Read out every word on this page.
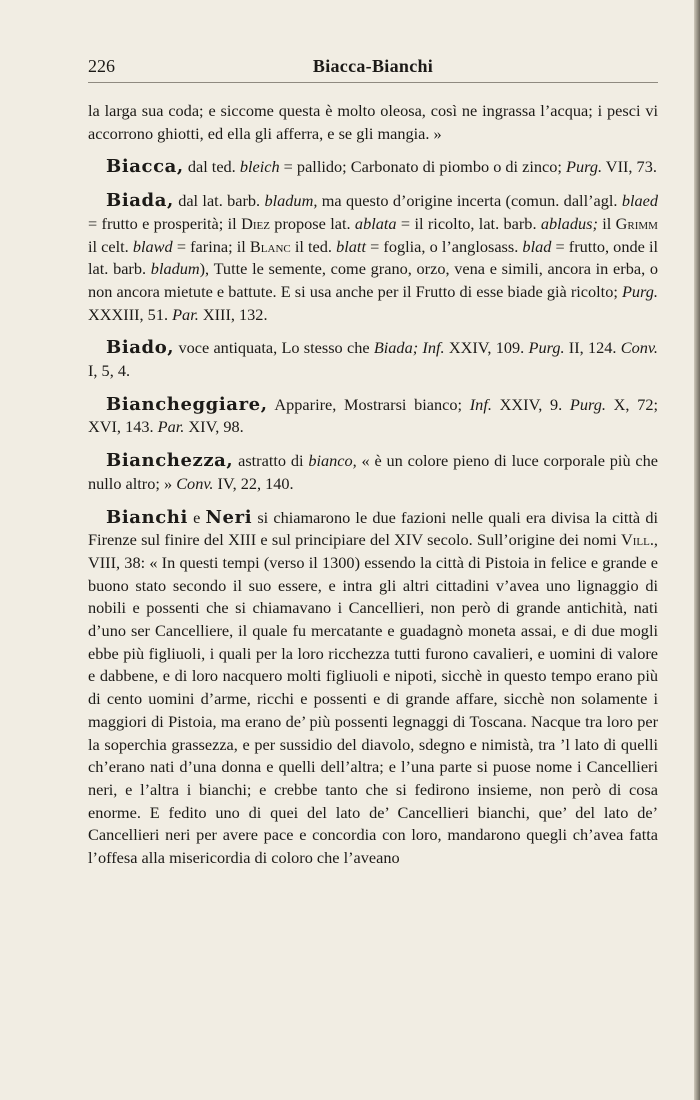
226	Biacca-Bianchi

la larga sua coda; e siccome questa è molto oleosa, così ne ingrassa l’acqua; i pesci vi accorrono ghiotti, ed ella gli afferra, e se gli mangia. »

Biacca, dal ted. bleich = pallido; Carbonato di piombo o di zinco; Purg. VII, 73.

Biada, dal lat. barb. bladum, ma questo d’origine incerta (comun. dall’agl. blaed = frutto e prosperità; il Diez propose lat. ablata = il ricolto, lat. barb. abladus; il Grimm il celt. blawd = farina; il Blanc il ted. blatt = foglia, o l’anglosass. blad = frutto, onde il lat. barb. bladum), Tutte le semente, come grano, orzo, vena e simili, ancora in erba, o non ancora mietute e battute. E si usa anche per il Frutto di esse biade già ricolto; Purg. XXXIII, 51. Par. XIII, 132.

Biado, voce antiquata, Lo stesso che Biada; Inf. XXIV, 109. Purg. II, 124. Conv. I, 5, 4.

Biancheggiare, Apparire, Mostrarsi bianco; Inf. XXIV, 9. Purg. X, 72; XVI, 143. Par. XIV, 98.

Bianchezza, astratto di bianco, « è un colore pieno di luce corporale più che nullo altro; » Conv. IV, 22, 140.

Bianchi e Neri si chiamarono le due fazioni nelle quali era divisa la città di Firenze sul finire del XIII e sul principiare del XIV secolo. Sull’origine dei nomi Vill., VIII, 38: « In questi tempi (verso il 1300) essendo la città di Pistoia in felice e grande e buono stato secondo il suo essere, e intra gli altri cittadini v’avea uno lignaggio di nobili e possenti che si chiamavano i Cancellieri, non però di grande antichità, nati d’uno ser Cancelliere, il quale fu mercatante e guadagnò moneta assai, e di due mogli ebbe più figliuoli, i quali per la loro ricchezza tutti furono cavalieri, e uomini di valore e dabbene, e di loro nacquero molti figliuoli e nipoti, sicchè in questo tempo erano più di cento uomini d’arme, ricchi e possenti e di grande affare, sicchè non solamente i maggiori di Pistoia, ma erano de’ più possenti legnaggi di Toscana. Nacque tra loro per la soperchia grassezza, e per sussidio del diavolo, sdegno e nimistà, tra ’l lato di quelli ch’erano nati d’una donna e quelli dell’altra; e l’una parte si puose nome i Cancellieri neri, e l’altra i bianchi; e crebbe tanto che si fedirono insieme, non però di cosa enorme. E fedito uno di quei del lato de’ Cancellieri bianchi, que’ del lato de’ Cancellieri neri per avere pace e concordia con loro, mandarono quegli ch’avea fatta l’offesa alla misericordia di coloro che l’aveano
